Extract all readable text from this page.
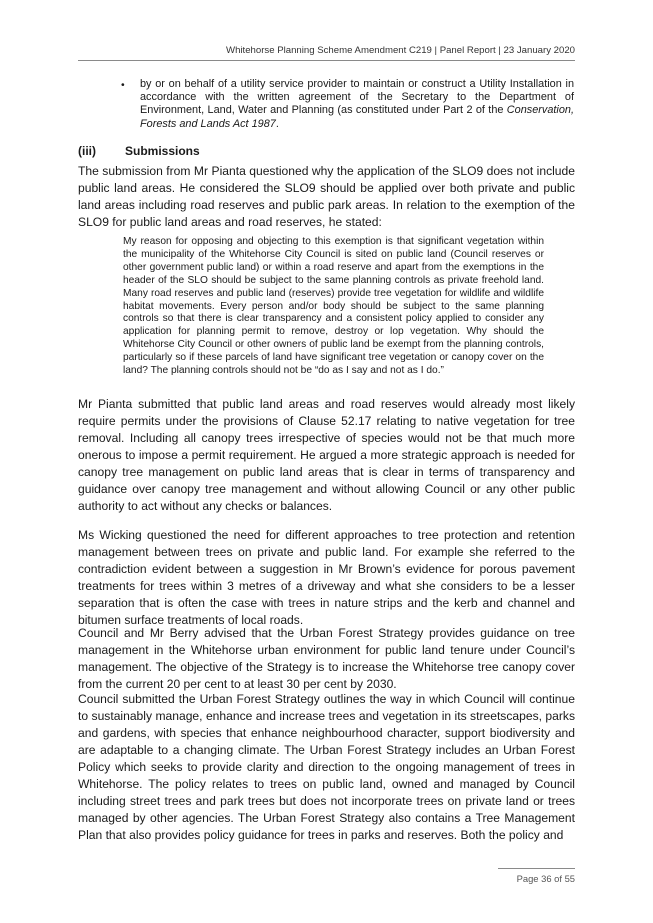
Whitehorse Planning Scheme Amendment C219 | Panel Report | 23 January 2020
• by or on behalf of a utility service provider to maintain or construct a Utility Installation in accordance with the written agreement of the Secretary to the Department of Environment, Land, Water and Planning (as constituted under Part 2 of the Conservation, Forests and Lands Act 1987.
(iii) Submissions
The submission from Mr Pianta questioned why the application of the SLO9 does not include public land areas. He considered the SLO9 should be applied over both private and public land areas including road reserves and public park areas. In relation to the exemption of the SLO9 for public land areas and road reserves, he stated:
My reason for opposing and objecting to this exemption is that significant vegetation within the municipality of the Whitehorse City Council is sited on public land (Council reserves or other government public land) or within a road reserve and apart from the exemptions in the header of the SLO should be subject to the same planning controls as private freehold land. Many road reserves and public land (reserves) provide tree vegetation for wildlife and wildlife habitat movements. Every person and/or body should be subject to the same planning controls so that there is clear transparency and a consistent policy applied to consider any application for planning permit to remove, destroy or lop vegetation. Why should the Whitehorse City Council or other owners of public land be exempt from the planning controls, particularly so if these parcels of land have significant tree vegetation or canopy cover on the land? The planning controls should not be “do as I say and not as I do.”
Mr Pianta submitted that public land areas and road reserves would already most likely require permits under the provisions of Clause 52.17 relating to native vegetation for tree removal. Including all canopy trees irrespective of species would not be that much more onerous to impose a permit requirement. He argued a more strategic approach is needed for canopy tree management on public land areas that is clear in terms of transparency and guidance over canopy tree management and without allowing Council or any other public authority to act without any checks or balances.
Ms Wicking questioned the need for different approaches to tree protection and retention management between trees on private and public land. For example she referred to the contradiction evident between a suggestion in Mr Brown’s evidence for porous pavement treatments for trees within 3 metres of a driveway and what she considers to be a lesser separation that is often the case with trees in nature strips and the kerb and channel and bitumen surface treatments of local roads.
Council and Mr Berry advised that the Urban Forest Strategy provides guidance on tree management in the Whitehorse urban environment for public land tenure under Council’s management. The objective of the Strategy is to increase the Whitehorse tree canopy cover from the current 20 per cent to at least 30 per cent by 2030.
Council submitted the Urban Forest Strategy outlines the way in which Council will continue to sustainably manage, enhance and increase trees and vegetation in its streetscapes, parks and gardens, with species that enhance neighbourhood character, support biodiversity and are adaptable to a changing climate. The Urban Forest Strategy includes an Urban Forest Policy which seeks to provide clarity and direction to the ongoing management of trees in Whitehorse. The policy relates to trees on public land, owned and managed by Council including street trees and park trees but does not incorporate trees on private land or trees managed by other agencies. The Urban Forest Strategy also contains a Tree Management Plan that also provides policy guidance for trees in parks and reserves. Both the policy and
Page 36 of 55
